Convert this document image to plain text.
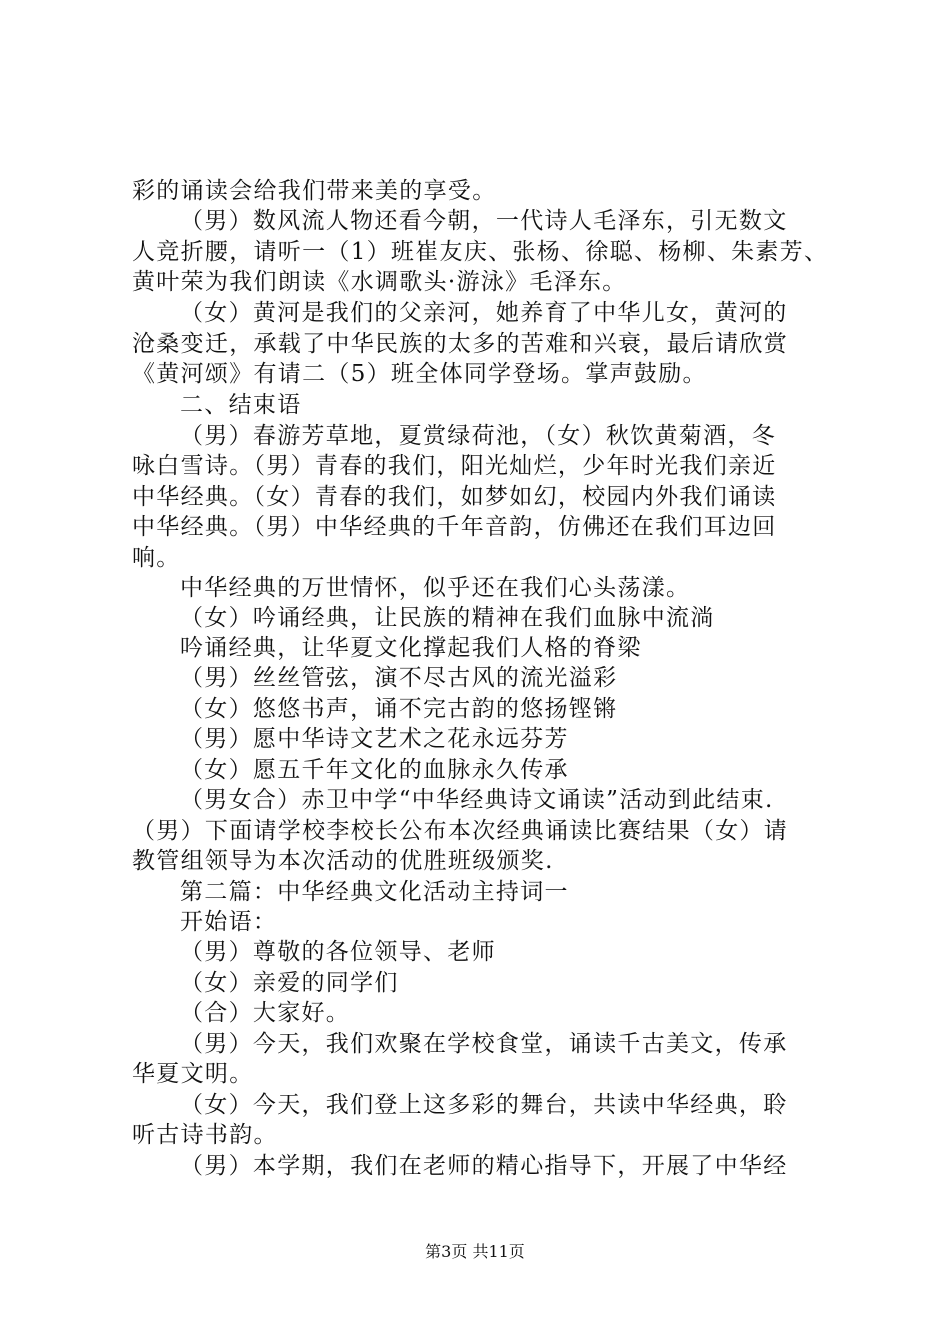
彩的诵读会给我们带来美的享受。
（男）数风流人物还看今朝，一代诗人毛泽东，引无数文
人竞折腰，请听一（1）班崔友庆、张杨、徐聪、杨柳、朱素芳、
黄叶荣为我们朗读《水调歌头·游泳》毛泽东。
（女）黄河是我们的父亲河，她养育了中华儿女，黄河的
沧桑变迁，承载了中华民族的太多的苦难和兴衰，最后请欣赏
《黄河颂》有请二（5）班全体同学登场。掌声鼓励。
二、结束语
（男）春游芳草地，夏赏绿荷池，（女）秋饮黄菊酒，冬
咏白雪诗。（男）青春的我们，阳光灿烂，少年时光我们亲近
中华经典。（女）青春的我们，如梦如幻，校园内外我们诵读
中华经典。（男）中华经典的千年音韵，仿佛还在我们耳边回
响。
中华经典的万世情怀，似乎还在我们心头荡漾。
（女）吟诵经典，让民族的精神在我们血脉中流淌
吟诵经典，让华夏文化撑起我们人格的脊梁
（男）丝丝管弦，演不尽古风的流光溢彩
（女）悠悠书声，诵不完古韵的悠扬铿锵
（男）愿中华诗文艺术之花永远芬芳
（女）愿五千年文化的血脉永久传承
（男女合）赤卫中学“中华经典诗文诵读”活动到此结束.
（男）下面请学校李校长公布本次经典诵读比赛结果（女）请
教管组领导为本次活动的优胜班级颁奖.
第二篇：中华经典文化活动主持词一
开始语：
（男）尊敬的各位领导、老师
（女）亲爱的同学们
（合）大家好。
（男）今天，我们欢聚在学校食堂，诵读千古美文，传承
华夏文明。
（女）今天，我们登上这多彩的舞台，共读中华经典，聆
听古诗书韵。
（男）本学期，我们在老师的精心指导下，开展了中华经
第3页 共11页
